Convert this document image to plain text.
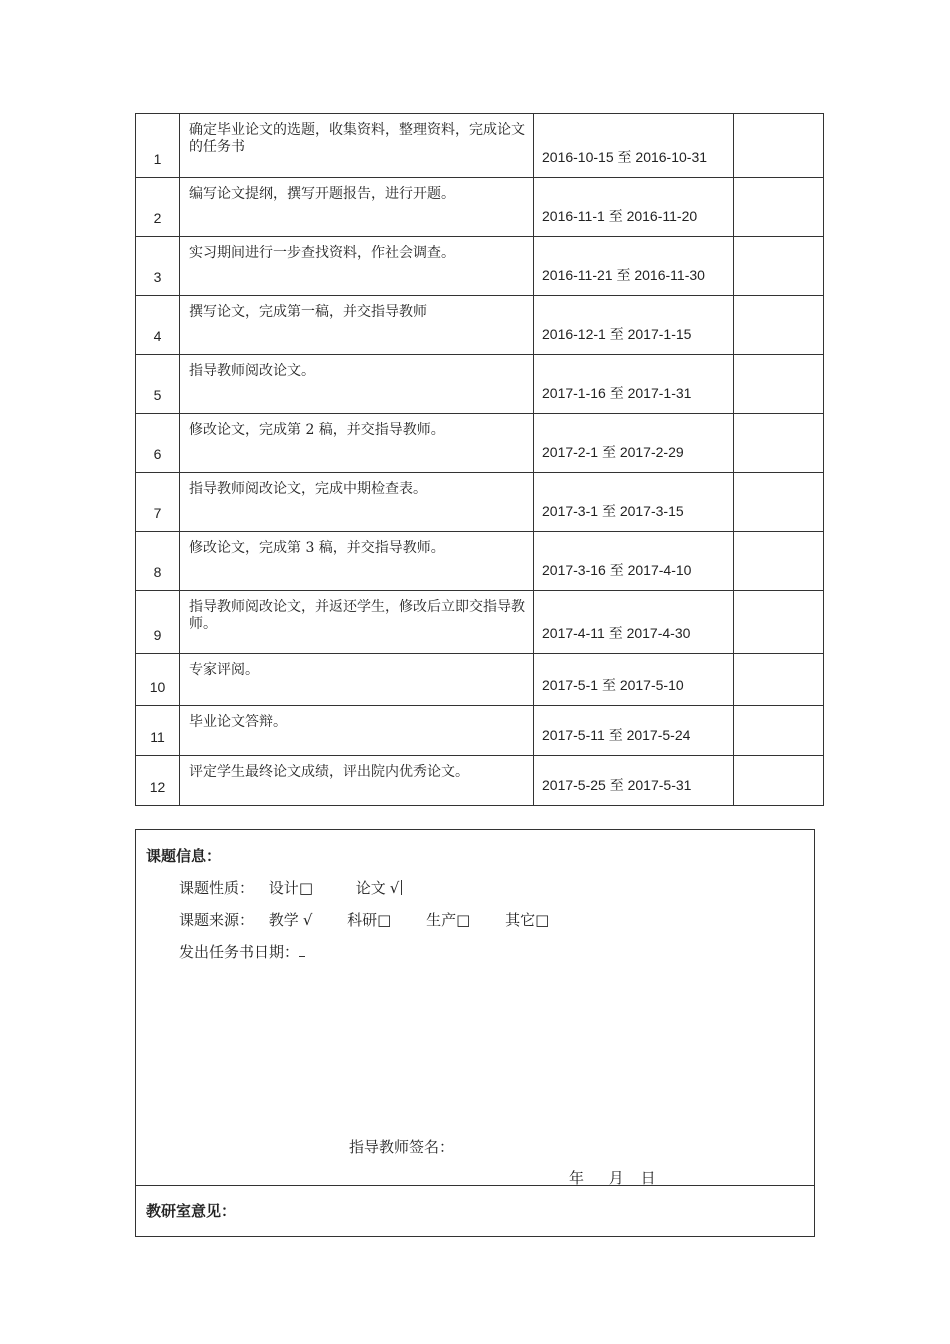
1	确定毕业论文的选题，收集资料，整理资料，完成论文的任务书	2016-10-15 至 2016-10-31	
2	编写论文提纲，撰写开题报告，进行开题。	2016-11-1 至 2016-11-20	
3	实习期间进行一步查找资料，作社会调查。	2016-11-21 至 2016-11-30	
4	撰写论文，完成第一稿，并交指导教师	2016-12-1 至 2017-1-15	
5	指导教师阅改论文。	2017-1-16 至 2017-1-31	
6	修改论文，完成第 2 稿，并交指导教师。	2017-2-1 至 2017-2-29	
7	指导教师阅改论文，完成中期检查表。	2017-3-1 至 2017-3-15	
8	修改论文，完成第 3 稿，并交指导教师。	2017-3-16 至 2017-4-10	
9	指导教师阅改论文，并返还学生，修改后立即交指导教师。	2017-4-11 至 2017-4-30	
10	专家评阅。	2017-5-1 至 2017-5-10	
11	毕业论文答辩。	2017-5-11 至 2017-5-24	
12	评定学生最终论文成绩，评出院内优秀论文。	2017-5-25 至 2017-5-31	
课题信息：
课题性质： 设计□	论文 √
课题来源： 教学 √ 科研□ 生产□ 其它□
发出任务书日期：
指导教师签名：
年 月 日
教研室意见：
